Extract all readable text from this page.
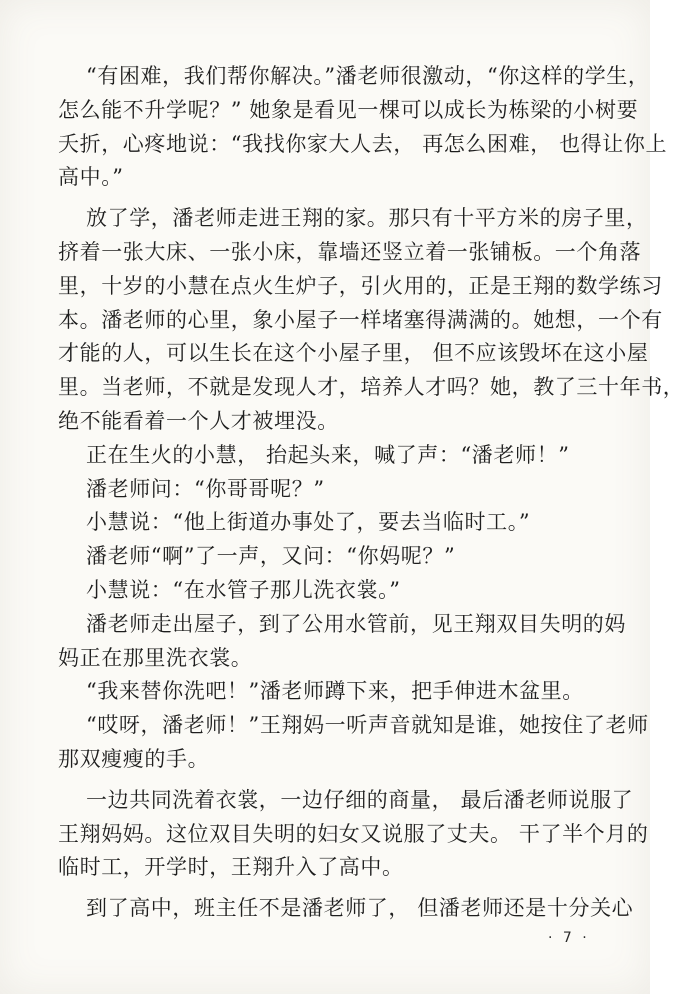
“有困难，我们帮你解决。”潘老师很激动，“你这样的学生，
怎么能不升学呢？” 她象是看见一棵可以成长为栋梁的小树要
夭折，心疼地说：“我找你家大人去， 再怎么困难， 也得让你上
高中。”
放了学，潘老师走进王翔的家。那只有十平方米的房子里，
挤着一张大床、一张小床，靠墙还竖立着一张铺板。一个角落
里，十岁的小慧在点火生炉子，引火用的，正是王翔的数学练习
本。潘老师的心里，象小屋子一样堵塞得满满的。她想，一个有
才能的人，可以生长在这个小屋子里， 但不应该毁坏在这小屋
里。当老师，不就是发现人才，培养人才吗？她，教了三十年书，
绝不能看着一个人才被埋没。
正在生火的小慧， 抬起头来，喊了声：“潘老师！”
潘老师问：“你哥哥呢？”
小慧说：“他上街道办事处了，要去当临时工。”
潘老师“啊”了一声，又问：“你妈呢？”
小慧说：“在水管子那儿洗衣裳。”
潘老师走出屋子，到了公用水管前，见王翔双目失明的妈
妈正在那里洗衣裳。
“我来替你洗吧！”潘老师蹲下来，把手伸进木盆里。
“哎呀，潘老师！”王翔妈一听声音就知是谁，她按住了老师
那双瘦瘦的手。
一边共同洗着衣裳，一边仔细的商量， 最后潘老师说服了
王翔妈妈。这位双目失明的妇女又说服了丈夫。 干了半个月的
临时工，开学时，王翔升入了高中。
到了高中，班主任不是潘老师了， 但潘老师还是十分关心
· 7 ·
